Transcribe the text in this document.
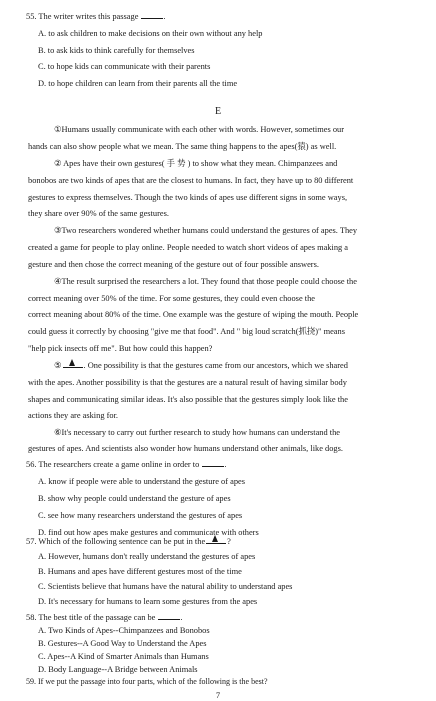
55. The writer writes this passage	.
A. to ask children to make decisions on their own without any help
B. to ask kids to think carefully for themselves
C. to hope kids can communicate with their parents
D. to hope children can learn from their parents all the time
E
①Humans usually communicate with each other with words. However, sometimes our
hands can also show people what we mean. The same thing happens to the apes(猿) as well.
② Apes have their own gestures( 手 势 ) to show what they mean. Chimpanzees and
bonobos are two kinds of apes that are the closest to humans. In fact, they have up to 80 different
gestures to express themselves. Though the two kinds of apes use different signs in some ways,
they share over 90% of the same gestures.
③Two researchers wondered whether humans could understand the gestures of apes. They
created a game for people to play online. People needed to watch short videos of apes making a
gesture and then chose the correct meaning of the gesture out of four possible answers.
④The result surprised the researchers a lot. They found that those people could choose the
correct meaning over 50% of the time. For some gestures, they could even choose the
correct meaning about 80% of the time. One example was the gesture of wiping the mouth. People
could guess it correctly by choosing "give me that food". And " big loud scratch(抓挠)" means
"help pick insects off me". But how could this happen?
⑤	. One possibility is that the gestures came from our ancestors, which we shared
with the apes. Another possibility is that the gestures are a natural result of having similar body
shapes and communicating similar ideas. It's also possible that the gestures simply look like the
actions they are asking for.
⑥It's necessary to carry out further research to study how humans can understand the
gestures of apes. And scientists also wonder how humans understand other animals, like dogs.
56. The researchers create a game online in order to	.
A. know if people were able to understand the gesture of apes
B. show why people could understand the gesture of apes
C. see how many researchers understand the gestures of apes
D. find out how apes make gestures and communicate with others
57. Which of the following sentence can be put in the	?
A. However, humans don't really understand the gestures of apes
B. Humans and apes have different gestures most of the time
C. Scientists believe that humans have the natural ability to understand apes
D. It's necessary for humans to learn some gestures from the apes
58. The best title of the passage can be	.
A. Two Kinds of Apes--Chimpanzees and Bonobos
B. Gestures--A Good Way to Understand the Apes
C. Apes--A Kind of Smarter Animals than Humans
D. Body Language--A Bridge between Animals
59. If we put the passage into four parts, which of the following is the best?
7
